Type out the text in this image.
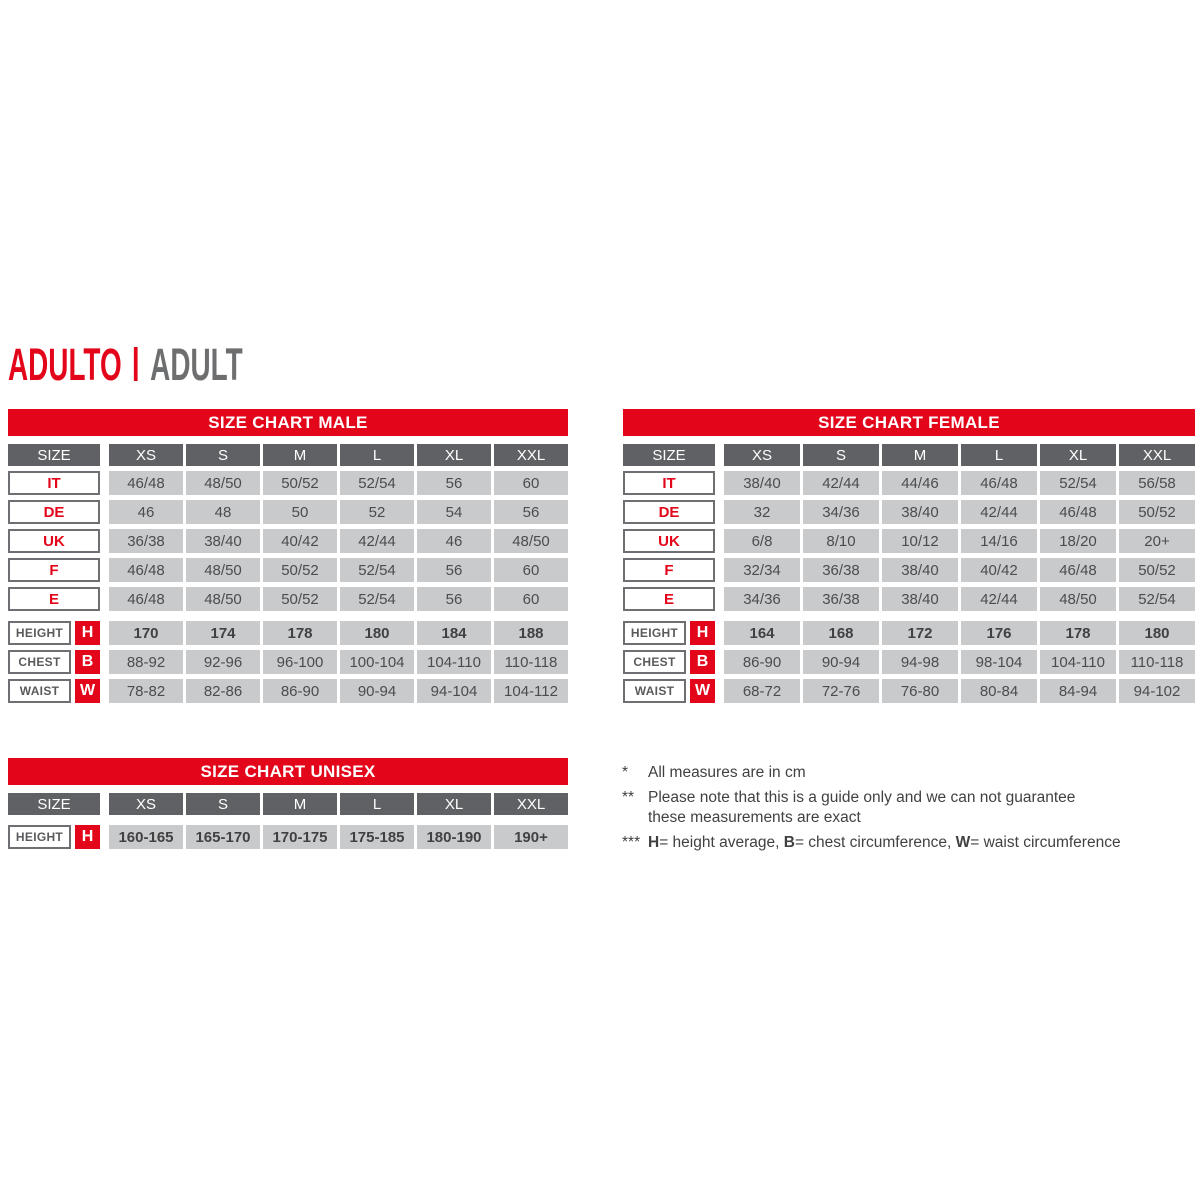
ADULTO ADULT
SIZE CHART MALE
SIZE	XS	S	M	L	XL	XXL
IT	46/48	48/50	50/52	52/54	56	60
DE	46	48	50	52	54	56
UK	36/38	38/40	40/42	42/44	46	48/50
F	46/48	48/50	50/52	52/54	56	60
E	46/48	48/50	50/52	52/54	56	60
HEIGHT	H	170	174	178	180	184	188
CHEST	B	88-92	92-96	96-100	100-104	104-110	110-118
WAIST	W	78-82	82-86	86-90	90-94	94-104	104-112
SIZE CHART FEMALE
SIZE	XS	S	M	L	XL	XXL
IT	38/40	42/44	44/46	46/48	52/54	56/58
DE	32	34/36	38/40	42/44	46/48	50/52
UK	6/8	8/10	10/12	14/16	18/20	20+
F	32/34	36/38	38/40	40/42	46/48	50/52
E	34/36	36/38	38/40	42/44	48/50	52/54
HEIGHT	H	164	168	172	176	178	180
CHEST	B	86-90	90-94	94-98	98-104	104-110	110-118
WAIST	W	68-72	72-76	76-80	80-84	84-94	94-102
SIZE CHART UNISEX
SIZE	XS	S	M	L	XL	XXL
HEIGHT	H	160-165	165-170	170-175	175-185	180-190	190+
*	All measures are in cm
** Please note that this is a guide only and we can not guarantee
these measurements are exact
*** H= height average, B= chest circumference, W= waist circumference
